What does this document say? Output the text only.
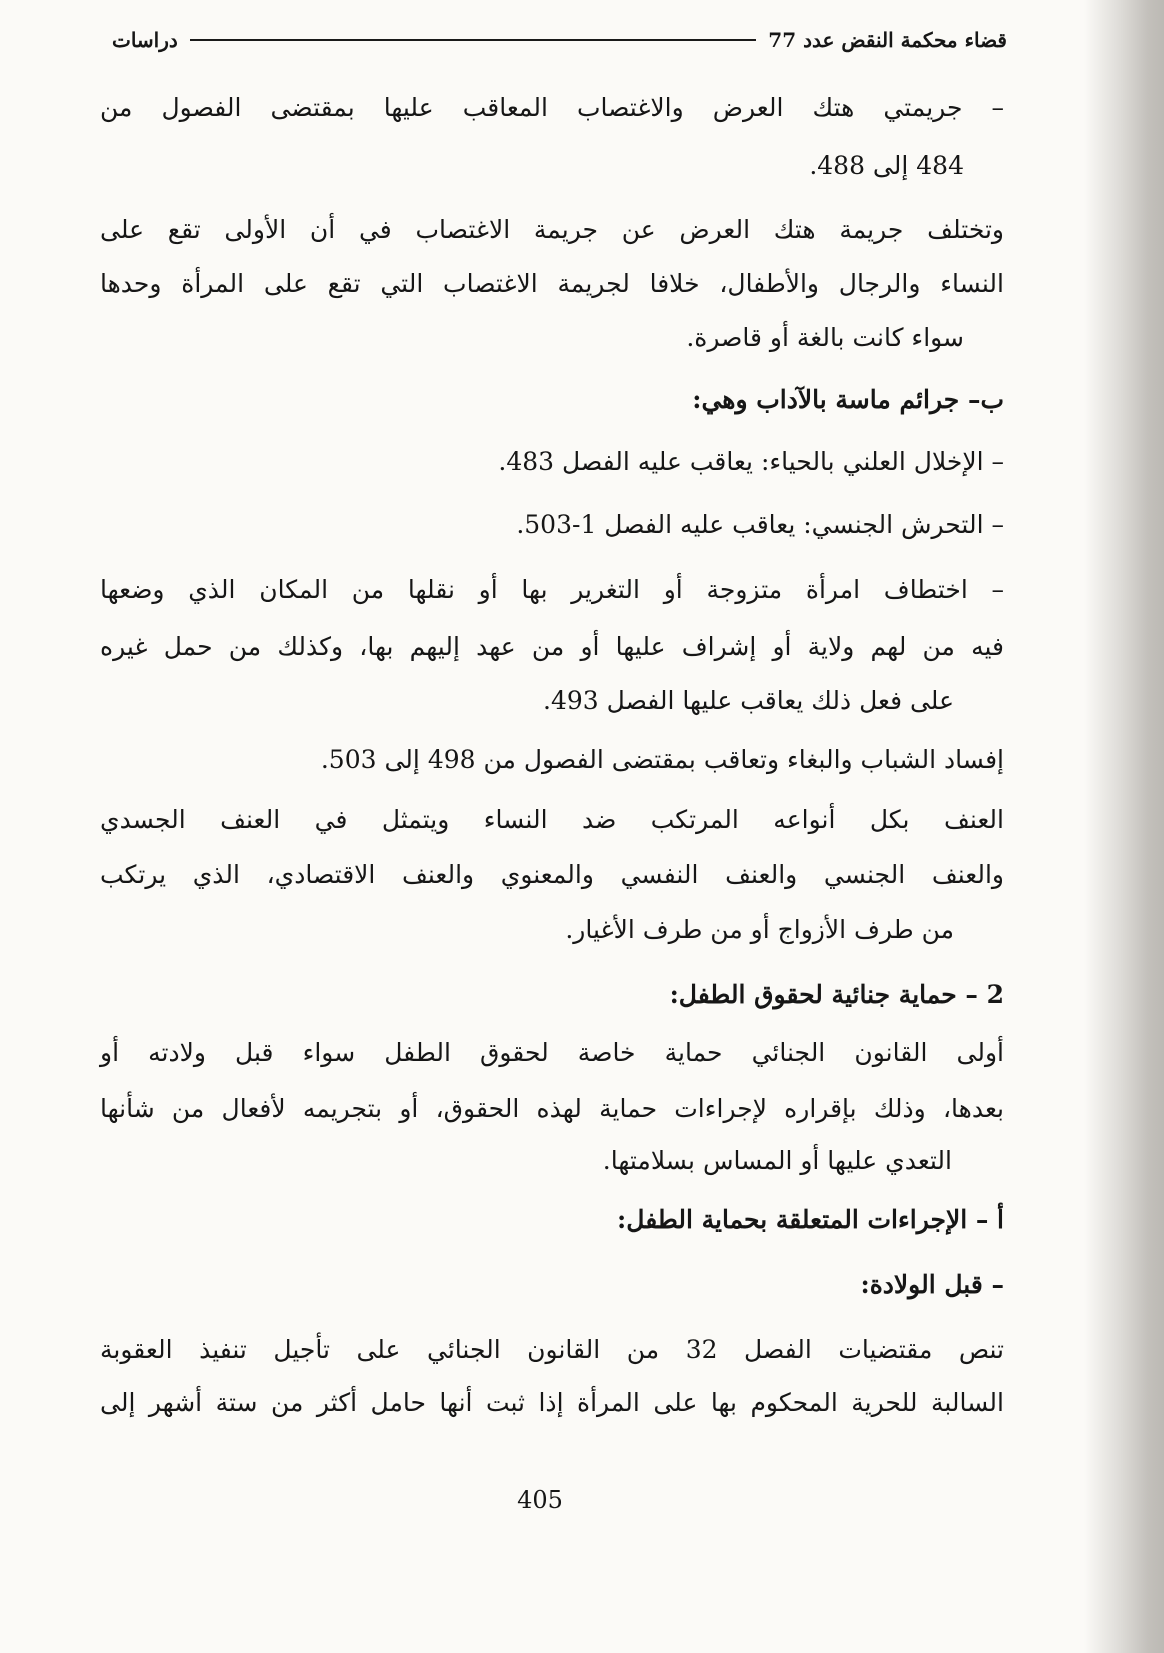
قضاء محكمة النقض عدد 77
دراسات
– جريمتي هتك العرض والاغتصاب المعاقب عليها بمقتضى الفصول من
484 إلى 488.
وتختلف جريمة هتك العرض عن جريمة الاغتصاب في أن الأولى تقع على
النساء والرجال والأطفال، خلافا لجريمة الاغتصاب التي تقع على المرأة وحدها
سواء كانت بالغة أو قاصرة.
ب– جرائم ماسة بالآداب وهي:
– الإخلال العلني بالحياء: يعاقب عليه الفصل 483.
– التحرش الجنسي: يعاقب عليه الفصل 1-503.
– اختطاف امرأة متزوجة أو التغرير بها أو نقلها من المكان الذي وضعها
فيه من لهم ولاية أو إشراف عليها أو من عهد إليهم بها، وكذلك من حمل غيره
على فعل ذلك يعاقب عليها الفصل 493.
إفساد الشباب والبغاء وتعاقب بمقتضى الفصول من 498 إلى 503.
العنف بكل أنواعه المرتكب ضد النساء ويتمثل في العنف الجسدي
والعنف الجنسي والعنف النفسي والمعنوي والعنف الاقتصادي، الذي يرتكب
من طرف الأزواج أو من طرف الأغيار.
2 – حماية جنائية لحقوق الطفل:
أولى القانون الجنائي حماية خاصة لحقوق الطفل سواء قبل ولادته أو
بعدها، وذلك بإقراره لإجراءات حماية لهذه الحقوق، أو بتجريمه لأفعال من شأنها
التعدي عليها أو المساس بسلامتها.
أ – الإجراءات المتعلقة بحماية الطفل:
– قبل الولادة:
تنص مقتضيات الفصل 32 من القانون الجنائي على تأجيل تنفيذ العقوبة
السالبة للحرية المحكوم بها على المرأة إذا ثبت أنها حامل أكثر من ستة أشهر إلى
405
